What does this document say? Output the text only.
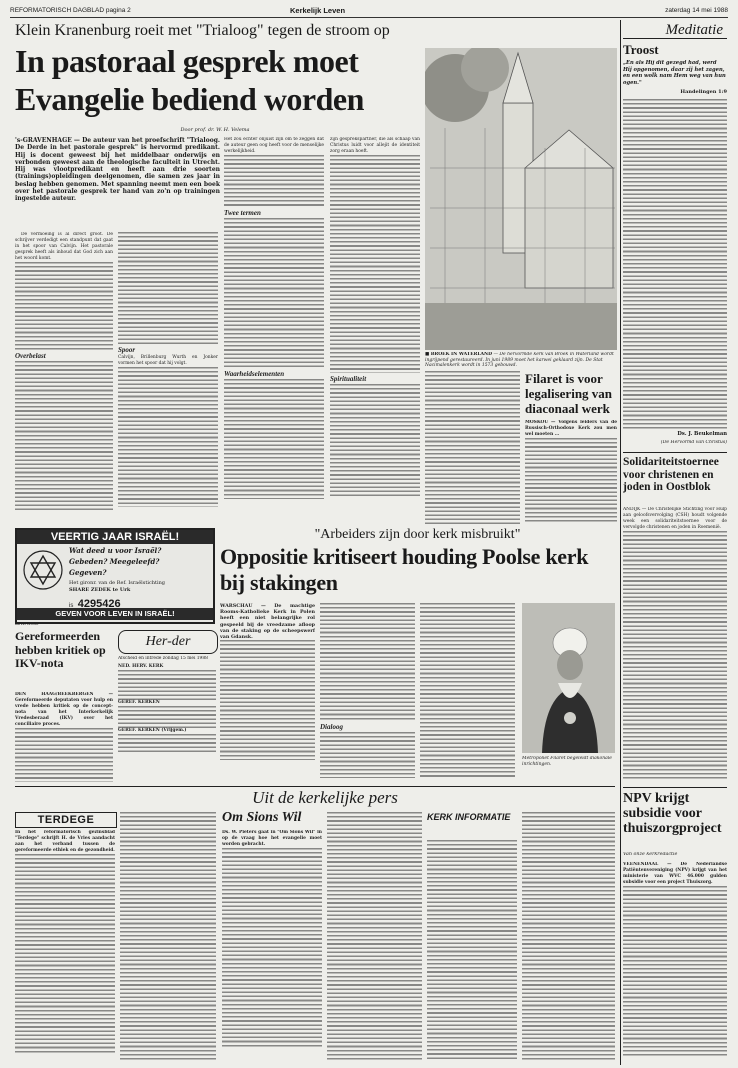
REFORMATORISCH DAGBLAD pagina 2	Kerkelijk Leven	zaterdag 14 mei 1988
Klein Kranenburg roeit met "Trialoog" tegen de stroom op
In pastoraal gesprek moet
Evangelie bediend worden
Door prof. dr. W. H. Velema
's-GRAVENHAGE — De auteur van het proefschrift "Trialoog. De Derde in het pastorale gesprek" is hervormd predikant. Hij is docent geweest bij het middelbaar onderwijs en verbonden geweest aan de theologische faculteit in Utrecht. Hij was vlootpredikant en heeft aan drie soorten (trainings)opleidingen deelgenomen, die samen zes jaar in beslag hebben genomen. Met spanning neemt men een boek over het pastorale gesprek ter hand van zo'n op trainingen ingestelde auteur.
De vermoeing is al direct groot. De schrijver verdedigt een standpunt dat gaat in het spoor van Calvijn. Het pastorale gesprek heeft als inhoud dat God zich aan het woord komt.
Overbelast
Spoor
Calvijn, Brillenburg Wurth en Jonker vormen het spoor dat hij volgt.
Het zou echter onjuist zijn om te zeggen dat de auteur geen oog heeft voor de menselijke werkelijkheid.
Twee termen
Waarheidselementen
zijn gesprekspartner, die als schaap van Christus luidt voor allejit de identiteit zorg eraan hoeft.
Spiritualiteit
■ BROEK IN WATERLAND — De hervormde kerk van Broek in Waterland wordt ingrijpend gerestaureerd. In juni 1989 moet het karwei geklaard zijn. De Stat Nacimalenkerk wordt in 1573 gebouwd.
Filaret is voor legalisering van diaconaal werk
MOSKOU — Volgens leiders van de Russisch-Orthodoxe Kerk zou men wel moeten ...
Meditatie
Troost
„En als Hij dit gezegd had, werd Hij opgenomen, daar zij het zagen, en een wolk nam Hem weg van hun ogen."
Handelingen 1:9
Ds. J. Beukelman
(De Hervormd van Christus)
Solidariteitstoernee voor christenen en joden in Oostblok
ANDIJK — De Christelijke Stichting voor Hulp aan geloofsvervolging (CSH) houdt volgende week een solidariteitstoernee voor de vervolgde christenen en joden in Roemenië.
NPV krijgt subsidie voor thuiszorgproject
Van onze kerkredactie
VEENENDAAL — De Nederlandse Patiëntenvereniging (NPV) krijgt van het ministerie van WVC 46.000 gulden subsidie voor een project Thuiszorg.
VEERTIG JAAR ISRAËL!
Wat deed u voor Israël?
Gebeden? Meegeleefd?
Gegeven?
Het gironr. van de Ref. Israëlstichting
SHARE ZEDEK te Urk
is 4295426
GEVEN VOOR LEVEN IN ISRAËL!
Advertentie
"Arbeiders zijn door kerk misbruikt"
Oppositie kritiseert houding Poolse kerk bij stakingen
WARSCHAU — De machtige Rooms-Katholieke Kerk in Polen heeft een niet belangrijke rol gespeeld bij de vreedzame afloop van de staking op de scheepswerf van Gdansk.
Dialoog
Metropoliet Filaret begeleidt diakonale inrichtingen.
Gereformeerden hebben kritiek op IKV-nota
DEN HAAG/BEEKBERGEN — Gereformeerde deputaten voor hulp en vrede hebben kritiek op de concept-nota van het Interkerkelijk Vredesberaad (IKV) over het conciliaire proces.
Her-der
Afscheid en intrede zondag 15 mei 1988
NED. HERV. KERK
GEREF. KERKEN
GEREF. KERKEN (Vrijgem.)
Uit de kerkelijke pers
TERDEGE
In het reformatorisch gezinsblad "Terdege" schrijft H. de Vries aandacht aan het verband tussen de gereformeerde ethiek en de gezondheid.
Om Sions Wil
Ds. W. Pieters gaat in "Om Sions Wil" in op de vraag hoe het evangelie moet worden gebracht.
KERK INFORMATIE
